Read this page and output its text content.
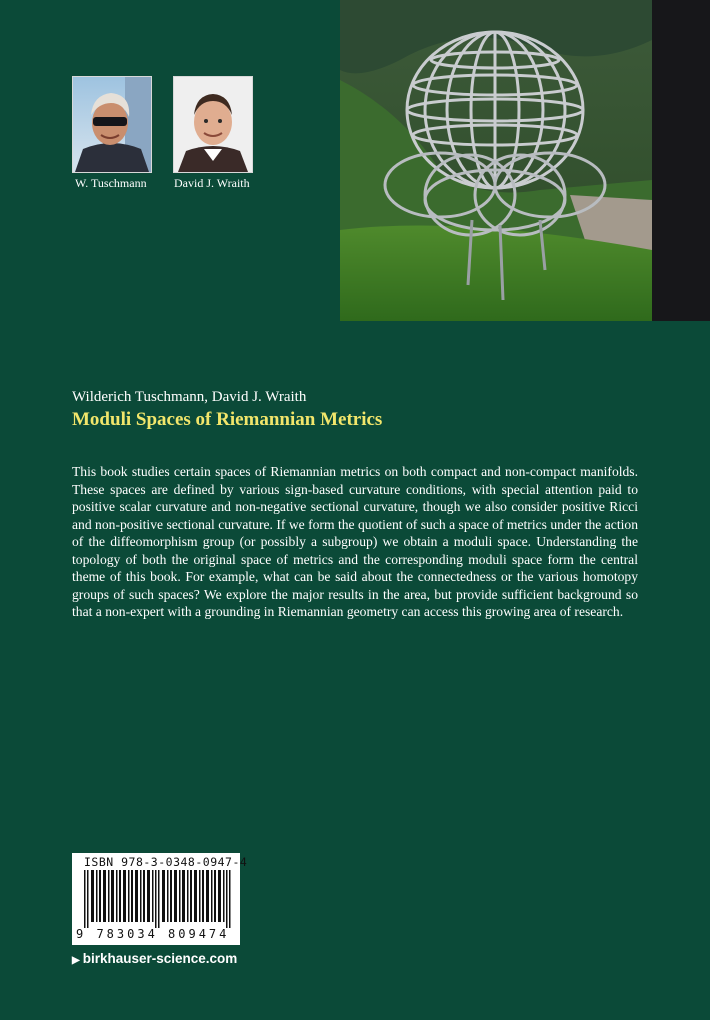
W. Tuschmann David J. Wraith
Wilderich Tuschmann, David J. Wraith
Moduli Spaces of Riemannian Metrics

This book studies certain spaces of Riemannian metrics on both compact and non-compact manifolds. These spaces are defined by various sign-based curvature conditions, with special attention paid to positive scalar curvature and non-negative sectional curvature, though we also consider positive Ricci and non-positive sectional curvature. If we form the quotient of such a space of metrics under the action of the diffeomorphism group (or possibly a subgroup) we obtain a moduli space. Understanding the topology of both the original space of metrics and the corresponding moduli space form the central theme of this book. For example, what can be said about the connectedness or the various homotopy groups of such spaces? We explore the major results in the area, but provide sufficient background so that a non-expert with a grounding in Riemannian geometry can access this growing area of research.

ISBN 978-3-0348-0947-4
9 783034 809474
▶ birkhauser-science.com
